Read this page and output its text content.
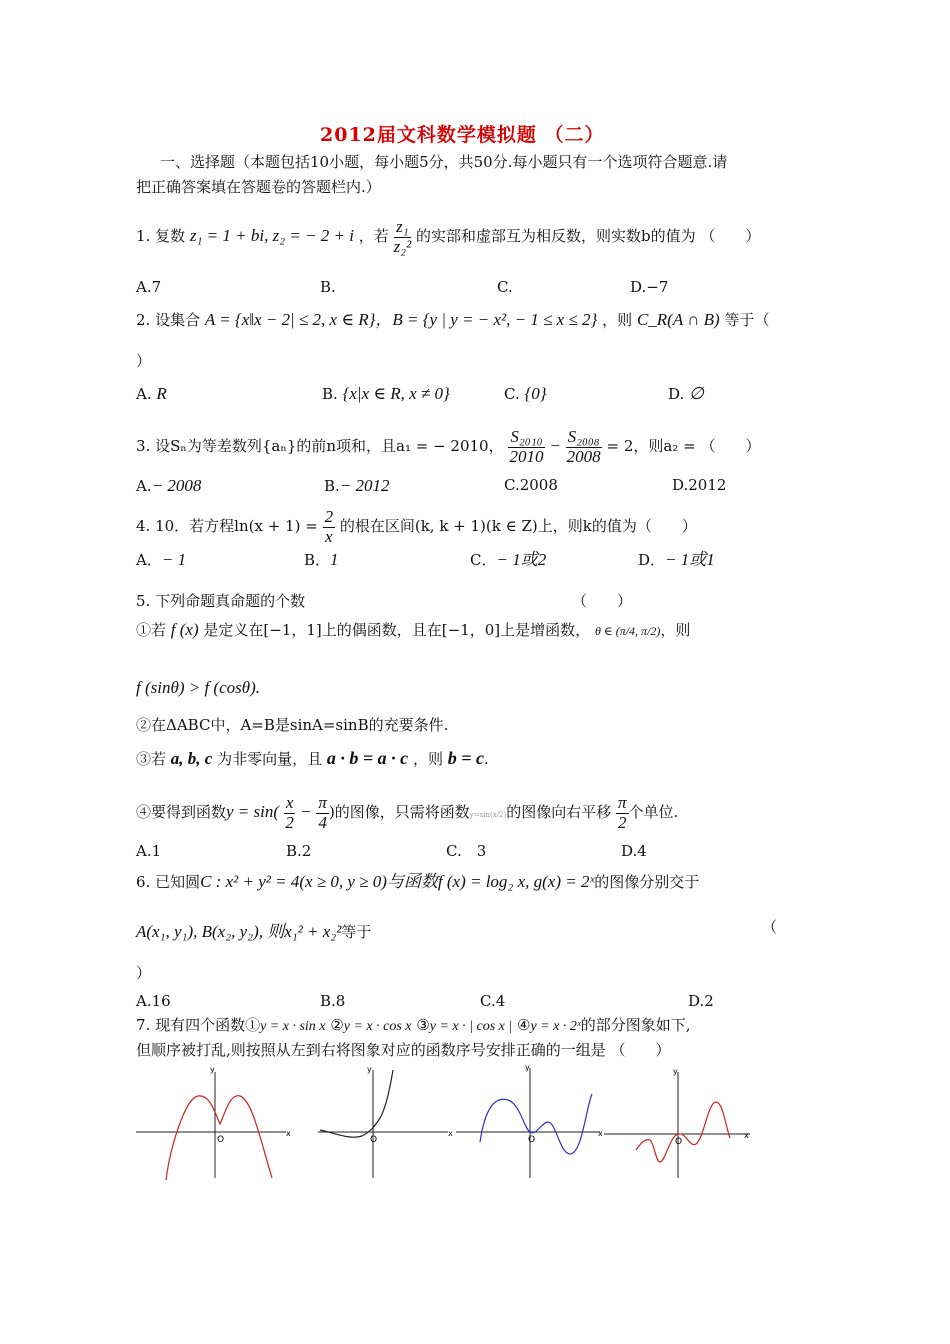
2012届文科数学模拟题 （二）
一、选择题（本题包括10小题，每小题5分，共50分.每小题只有一个选项符合题意.请
把正确答案填在答题卷的答题栏内.）
1. 复数 z₁ = 1 + bi, z₂ = − 2 + i ，若 $\frac{\text{z₁}}{\text{z₂²}}$ 的实部和虚部互为相反数，则实数b的值为 （　　）
A.7	B.	C.	D.−7
2. 设集合 A = {x‖x − 2| ≤ 2, x ∈ R}，B = {y | y = − x², − 1 ≤ x ≤ 2} ，则 C_R(A ∩ B) 等于（
）
A. R	B. {x|x ∈ R, x ≠ 0}	C. {0}	D. ∅
3. 设Sₙ为等差数列{aₙ}的前n项和，且a₁ = − 2010， $\frac{\text{S₂₀₁₀}}{2010} - \frac{\text{S₂₀₀₈}}{2008} = 2$，则a₂ = （　　）
A.− 2008	B.− 2012	C.2008	D.2012
4. 10．若方程$\ln(x + 1) = \frac{2}{x}$ 的根在区间(k, k + 1)(k ∈ Z)上，则k的值为（　　）
A．− 1	B．1	C．− 1或2	D．− 1或1
5. 下列命题真命题的个数	（　　）
①若 f (x) 是定义在[−1，1]上的偶函数，且在[−1，0]上是增函数， θ ∈ (π/4, π/2)，则
f (sinθ) > f (cosθ).
②在ΔABC中，A=B是sinA=sinB的充要条件.
③若 a, b, c 为非零向量，且 a · b = a · c ，则 b = c.
④要得到函数$y = \sin( \frac{x}{2} - \frac{\pi}{4}$ )的图像，只需将函数y=sin(x/2)的图像向右平移 $\frac{\pi}{2}$ 个单位.
A.1	B.2	C.　3	D.4
6. 已知圆C : x² + y² = 4(x ≥ 0, y ≥ 0)与函数f (x) = log₂ x, g(x) = 2ˣ的图像分别交于
A(x₁, y₁), B(x₂, y₂), 则x₁² + x₂²等于	（
）
A.16	B.8	C.4	D.2
7. 现有四个函数①y = x · sin x ②y = x · cos x ③y = x · | cos x | ④y = x · 2ˣ的部分图象如下,
但顺序被打乱,则按照从左到右将图象对应的函数序号安排正确的一组是 （　　）
y
x
O
y
x
O
y
x
O
y
x
O
